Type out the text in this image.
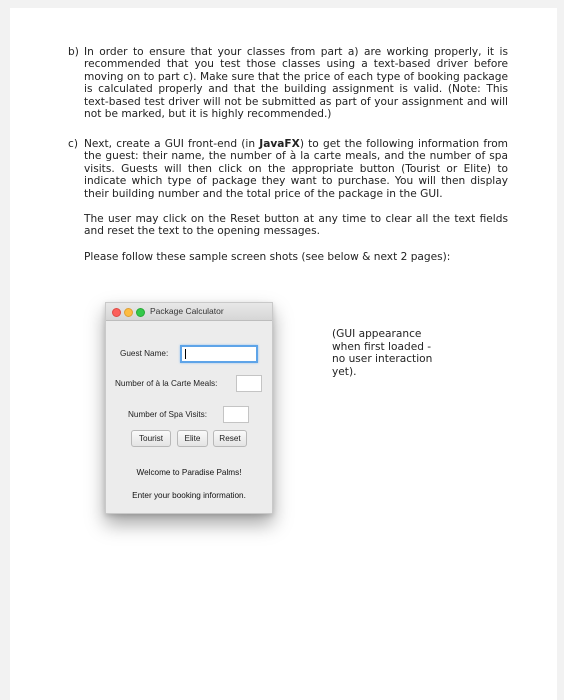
b) In order to ensure that your classes from part a) are working properly, it is recommended that you test those classes using a text-based driver before moving on to part c). Make sure that the price of each type of booking package is calculated properly and that the building assignment is valid. (Note: This text-based test driver will not be submitted as part of your assignment and will not be marked, but it is highly recommended.)
c) Next, create a GUI front-end (in JavaFX) to get the following information from the guest: their name, the number of à la carte meals, and the number of spa visits. Guests will then click on the appropriate button (Tourist or Elite) to indicate which type of package they want to purchase. You will then display their building number and the total price of the package in the GUI.

The user may click on the Reset button at any time to clear all the text fields and reset the text to the opening messages.

Please follow these sample screen shots (see below & next 2 pages):

Package Calculator
Guest Name:
Number of à la Carte Meals:
Number of Spa Visits:
Tourist	Elite	Reset
Welcome to Paradise Palms!
Enter your booking information.
(GUI appearance when first loaded - no user interaction yet).
